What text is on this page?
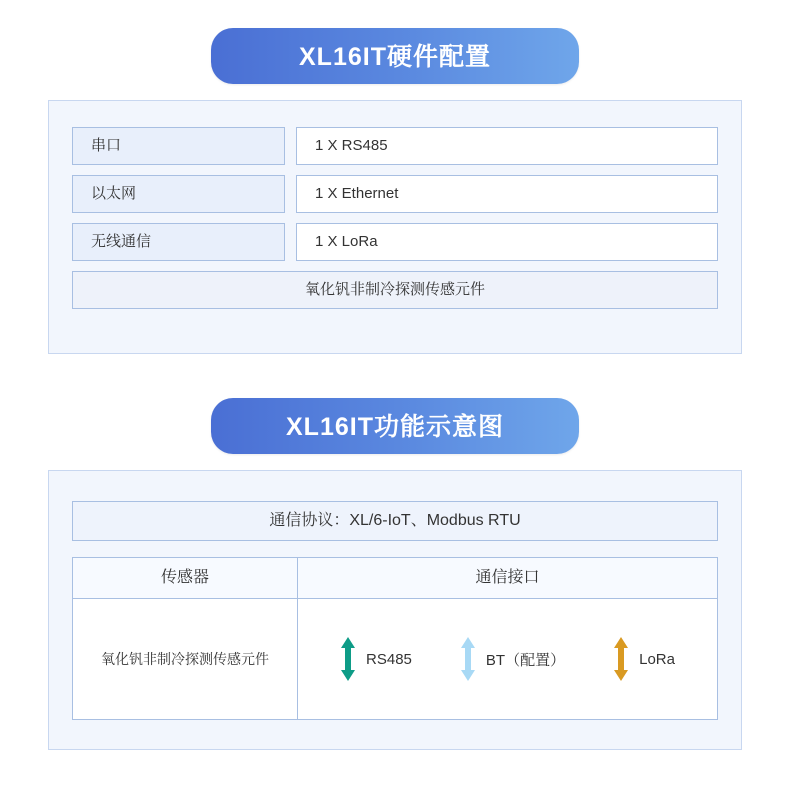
XL16IT硬件配置
串口	1 X RS485
以太网	1 X Ethernet
无线通信	1 X LoRa
氧化钒非制冷探测传感元件
XL16IT功能示意图
通信协议：XL/6-IoT、Modbus RTU
传感器	通信接口
氧化钒非制冷探测传感元件	RS485	BT（配置）	LoRa
